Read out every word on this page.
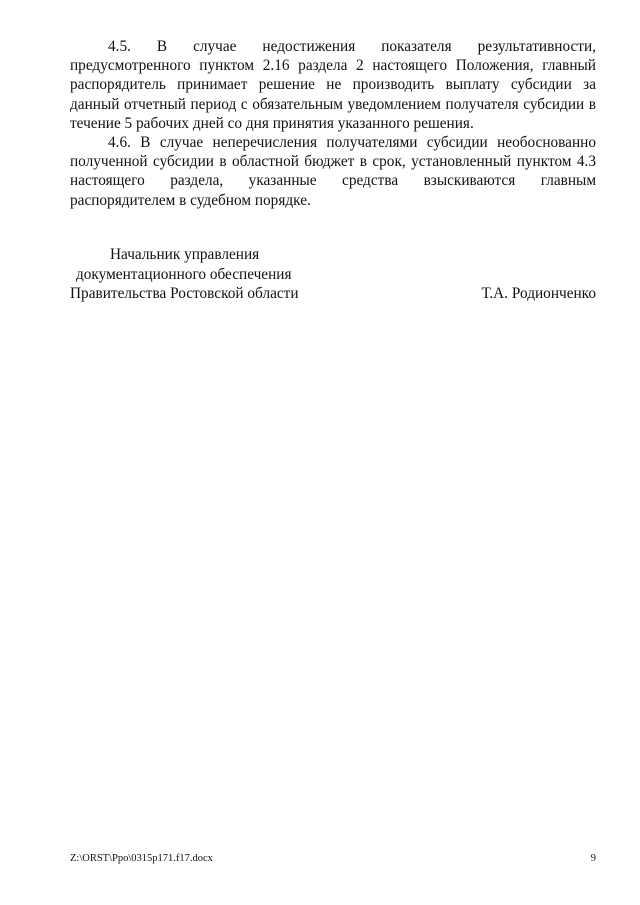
4.5. В случае недостижения показателя результативности, предусмотренного пунктом 2.16 раздела 2 настоящего Положения, главный распорядитель принимает решение не производить выплату субсидии за данный отчетный период с обязательным уведомлением получателя субсидии в течение 5 рабочих дней со дня принятия указанного решения.

4.6. В случае неперечисления получателями субсидии необоснованно полученной субсидии в областной бюджет в срок, установленный пунктом 4.3 настоящего раздела, указанные средства взыскиваются главным распорядителем в судебном порядке.

Начальник управления
документационного обеспечения
Правительства Ростовской области	Т.А. Родионченко
Z:\ORST\Ppo\0315p171.f17.docx	9
